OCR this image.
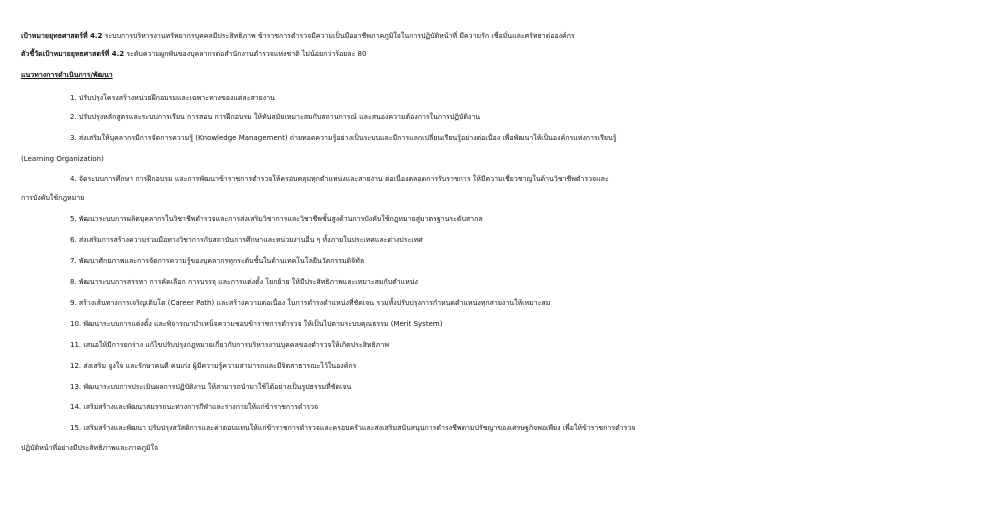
เป้าหมายยุทธศาสตร์ที่ 4.2 ระบบการบริหารงานทรัพยากรบุคคลมีประสิทธิภาพ ข้าราชการตำรวจมีความเป็นมืออาชีพภาคภูมิใจในการปฏิบัติหน้าที่ มีความรัก เชื่อมั่นและศรัทธาต่อองค์กร
ตัวชี้วัดเป้าหมายยุทธศาสตร์ที่ 4.2 ระดับความผูกพันของบุคลากรต่อสำนักงานตำรวจแห่งชาติ ไม่น้อยกว่าร้อยละ 80
แนวทางการดำเนินการ/พัฒนา
1. ปรับปรุงโครงสร้างหน่วยฝึกอบรมและเฉพาะทางของแต่ละสายงาน
2. ปรับปรุงหลักสูตรและระบบการเรียน การสอน การฝึกอบรม ให้ทันสมัยเหมาะสมกับสถานการณ์ และสนองความต้องการในการปฏิบัติงาน
3. ส่งเสริมให้บุคลากรมีการจัดการความรู้ (Knowledge Management) ถ่ายทอดความรู้อย่างเป็นระบบและมีการแลกเปลี่ยนเรียนรู้อย่างต่อเนื่อง เพื่อพัฒนาให้เป็นองค์กรแห่งการเรียนรู้
(Learning Organization)
4. จัดระบบการศึกษา การฝึกอบรม และการพัฒนาข้าราชการตำรวจให้ครอบคลุมทุกตำแหน่งและสายงาน ต่อเนื่องตลอดการรับราชการ ให้มีความเชี่ยวชาญในด้านวิชาชีพตำรวจและ
การบังคับใช้กฎหมาย
5. พัฒนาระบบการผลิตบุคลากรในวิชาชีพตำรวจและการส่งเสริมวิชาการและวิชาชีพชั้นสูงด้านการบังคับใช้กฎหมายสู่มาตรฐานระดับสากล
6. ส่งเสริมการสร้างความร่วมมือทางวิชาการกับสถาบันการศึกษาและหน่วยงานอื่น ๆ ทั้งภายในประเทศและต่างประเทศ
7. พัฒนาศักยภาพและการจัดการความรู้ของบุคลากรทุกระดับชั้นในด้านเทคโนโลยีนวัตกรรมดิจิทัล
8. พัฒนาระบบการสรรหา การคัดเลือก การบรรจุ และการแต่งตั้ง โยกย้าย ให้มีประสิทธิภาพและเหมาะสมกับตำแหน่ง
9. สร้างเส้นทางการเจริญเติบโต (Career Path) และสร้างความต่อเนื่อง ในการดำรงตำแหน่งที่ชัดเจน รวมทั้งปรับปรุงการกำหนดตำแหน่งทุกสายงานให้เหมาะสม
10. พัฒนาระบบการแต่งตั้ง และพิจารณาบำเหน็จความชอบข้าราชการตำรวจ ให้เป็นไปตามระบบคุณธรรม (Merit System)
11. เสนอให้มีการยกร่าง แก้ไขปรับปรุงกฎหมายเกี่ยวกับการบริหารงานบุคคลของตำรวจให้เกิดประสิทธิภาพ
12. ส่งเสริม จูงใจ และรักษาคนดี คนเก่ง ผู้มีความรู้ความสามารถและมีจิตสาธารณะไว้ในองค์กร
13. พัฒนาระบบการประเมินผลการปฏิบัติงาน ให้สามารถนำมาใช้ได้อย่างเป็นรูปธรรมที่ชัดเจน
14. เสริมสร้างและพัฒนาสมรรถนะทางการกีฬาและร่างกายให้แก่ข้าราชการตำรวจ
15. เสริมสร้างและพัฒนา ปรับปรุงสวัสดิการและค่าตอบแทนให้แก่ข้าราชการตำรวจและครอบครัวและส่งเสริมสนับสนุนการดำรงชีพตามปรัชญาของเศรษฐกิจพอเพียง เพื่อให้ข้าราชการตำรวจ
ปฏิบัติหน้าที่อย่างมีประสิทธิภาพและภาคภูมิใจ
